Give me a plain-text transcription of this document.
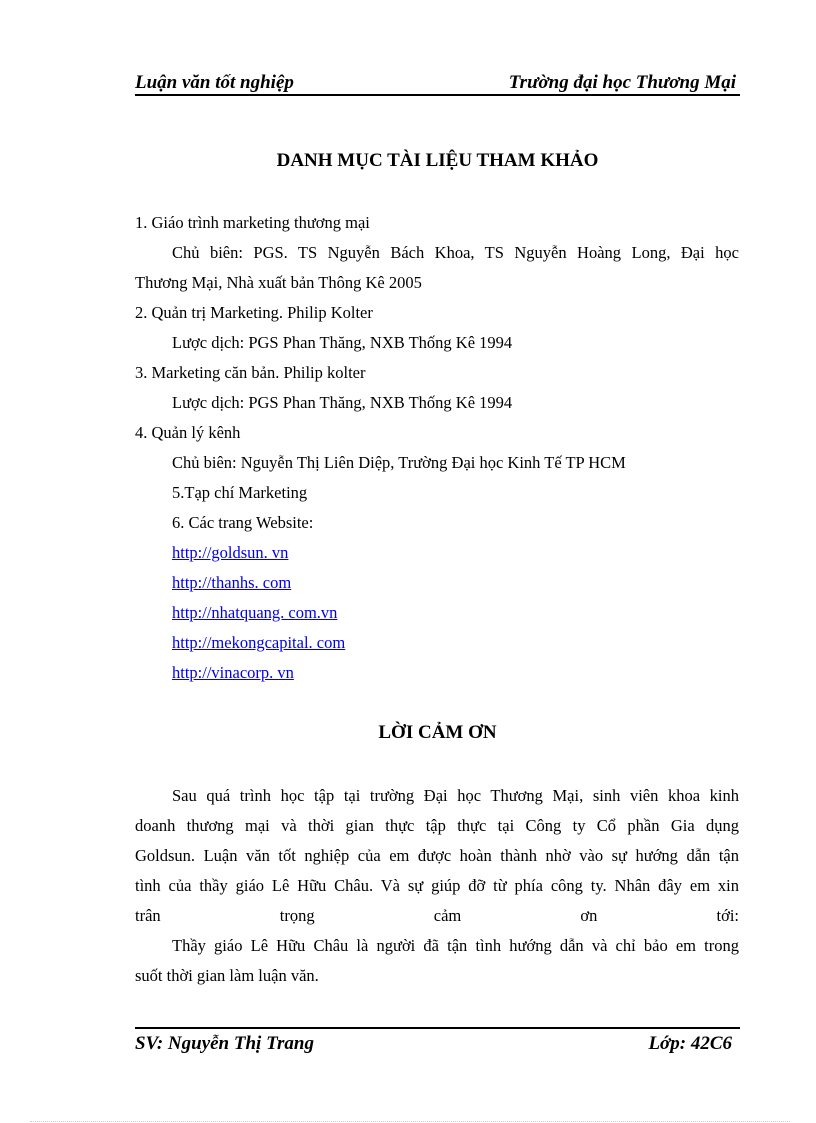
Luận văn tốt nghiệp	Trường đại học Thương Mại
DANH MỤC TÀI LIỆU THAM KHẢO
1. Giáo trình marketing thương mại
Chủ biên: PGS. TS Nguyễn Bách Khoa, TS Nguyễn Hoàng Long, Đại học
Thương Mại, Nhà xuất bản Thông Kê 2005
2. Quản trị Marketing. Philip Kolter
Lược dịch: PGS Phan Thăng, NXB Thống Kê 1994
3. Marketing căn bản. Philip kolter
Lược dịch: PGS Phan Thăng, NXB Thống Kê 1994
4. Quản lý kênh
Chủ biên: Nguyễn Thị Liên Diệp, Trường Đại học Kinh Tế TP HCM
5.Tạp chí Marketing
6. Các trang Website:
http://goldsun. vn
http://thanhs. com
http://nhatquang. com.vn
http://mekongcapital. com
http://vinacorp. vn
LỜI CẢM ƠN
Sau quá trình học tập tại trường Đại học Thương Mại, sinh viên khoa kinh
doanh thương mại và thời gian thực tập thực tại Công ty Cổ phần Gia dụng
Goldsun. Luận văn tốt nghiệp của em được hoàn thành nhờ vào sự hướng dẫn tận
tình của thầy giáo Lê Hữu Châu. Và sự giúp đỡ từ phía công ty. Nhân đây em xin
trân trọng cảm ơn tới:
Thầy giáo Lê Hữu Châu là người đã tận tình hướng dẫn và chỉ bảo em trong
suốt thời gian làm luận văn.
SV: Nguyễn Thị Trang	Lớp: 42C6
